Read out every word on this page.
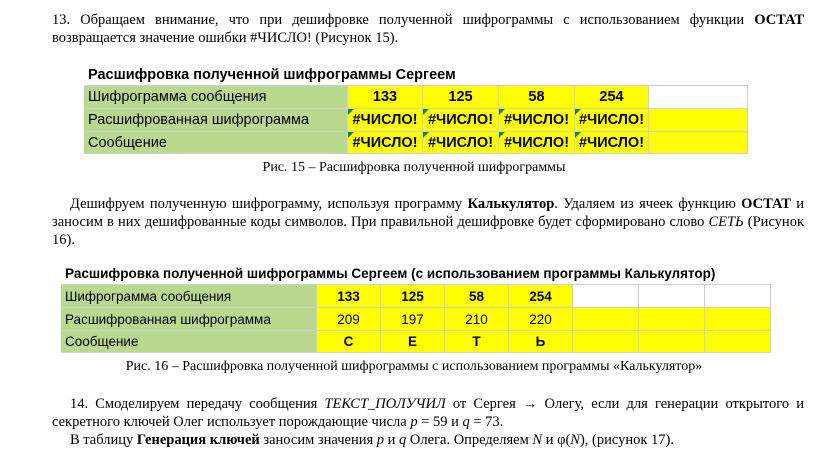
13. Обращаем внимание, что при дешифровке полученной шифрограммы с использованием функции ОСТАТ возвращается значение ошибки #ЧИСЛО! (Рисунок 15).
Расшифровка полученной шифрограммы Сергеем
Шифрограмма сообщения	133	125	58	254
Расшифрованная шифрограмма	#ЧИСЛО! #ЧИСЛО! #ЧИСЛО! #ЧИСЛО!
Сообщение	#ЧИСЛО! #ЧИСЛО! #ЧИСЛО! #ЧИСЛО!
Рис. 15 – Расшифровка полученной шифрограммы
Дешифруем полученную шифрограмму, используя программу Калькулятор. Удаляем из ячеек функцию ОСТАТ и заносим в них дешифрованные коды символов. При правильной дешифровке будет сформировано слово СЕТЬ (Рисунок 16).
Расшифровка полученной шифрограммы Сергеем (с использованием программы Калькулятор)
Шифрограмма сообщения	133	125	58	254
Расшифрованная шифрограмма	209	197	210	220
Сообщение	С	Е	Т	Ь
Рис. 16 – Расшифровка полученной шифрограммы с использованием программы «Калькулятор»
14. Смоделируем передачу сообщения ТЕКСТ_ПОЛУЧИЛ от Сергея → Олегу, если для генерации открытого и секретного ключей Олег использует порождающие числа p = 59 и q = 73.
В таблицу Генерация ключей заносим значения p и q Олега. Определяем N и φ(N), (рисунок 17).
